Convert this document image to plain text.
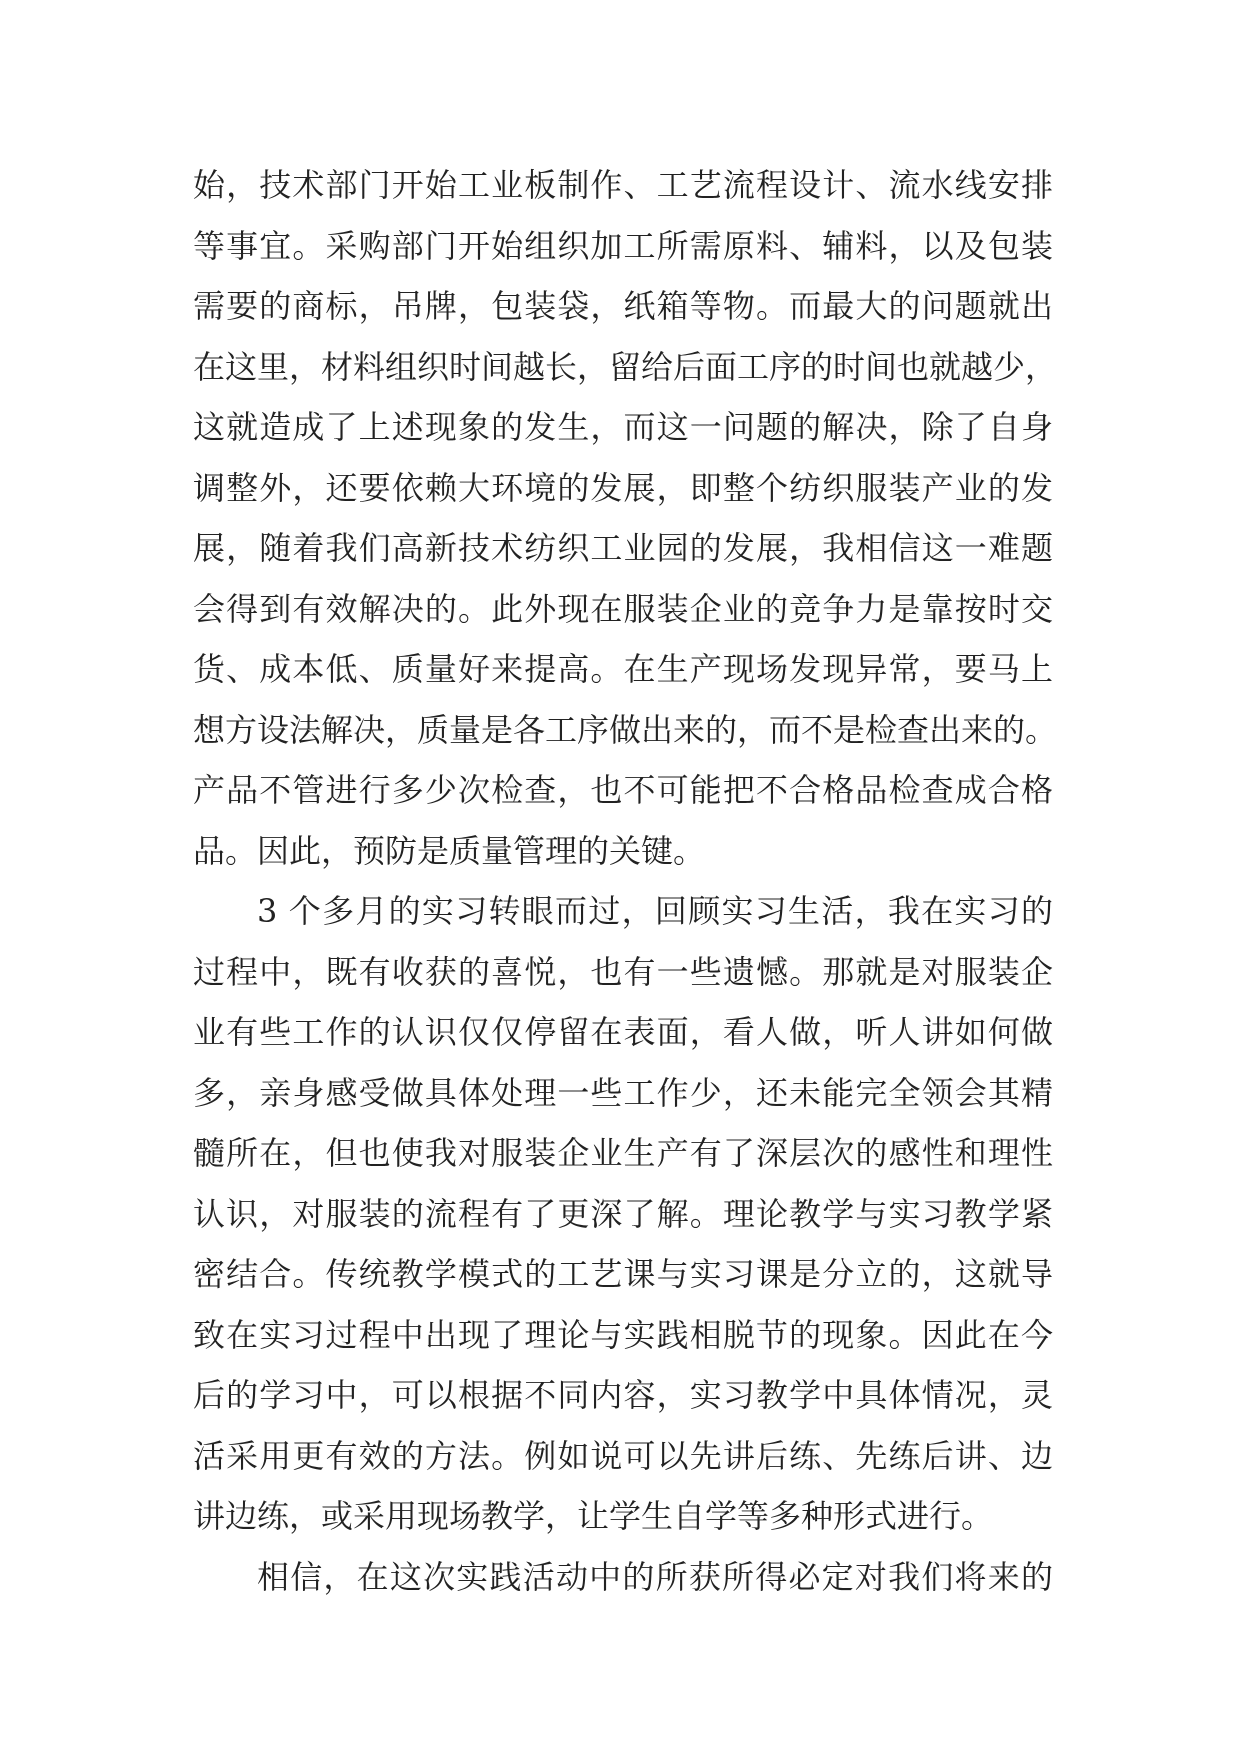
始，技术部门开始工业板制作、工艺流程设计、流水线安排
等事宜。采购部门开始组织加工所需原料、辅料，以及包装
需要的商标，吊牌，包装袋，纸箱等物。而最大的问题就出
在这里，材料组织时间越长，留给后面工序的时间也就越少，
这就造成了上述现象的发生，而这一问题的解决，除了自身
调整外，还要依赖大环境的发展，即整个纺织服装产业的发
展，随着我们高新技术纺织工业园的发展，我相信这一难题
会得到有效解决的。此外现在服装企业的竞争力是靠按时交
货、成本低、质量好来提高。在生产现场发现异常，要马上
想方设法解决，质量是各工序做出来的，而不是检查出来的。
产品不管进行多少次检查，也不可能把不合格品检查成合格
品。因此，预防是质量管理的关键。
3 个多月的实习转眼而过，回顾实习生活，我在实习的
过程中，既有收获的喜悦，也有一些遗憾。那就是对服装企
业有些工作的认识仅仅停留在表面，看人做，听人讲如何做
多，亲身感受做具体处理一些工作少，还未能完全领会其精
髓所在，但也使我对服装企业生产有了深层次的感性和理性
认识，对服装的流程有了更深了解。理论教学与实习教学紧
密结合。传统教学模式的工艺课与实习课是分立的，这就导
致在实习过程中出现了理论与实践相脱节的现象。因此在今
后的学习中，可以根据不同内容，实习教学中具体情况，灵
活采用更有效的方法。例如说可以先讲后练、先练后讲、边
讲边练，或采用现场教学，让学生自学等多种形式进行。
相信，在这次实践活动中的所获所得必定对我们将来的
